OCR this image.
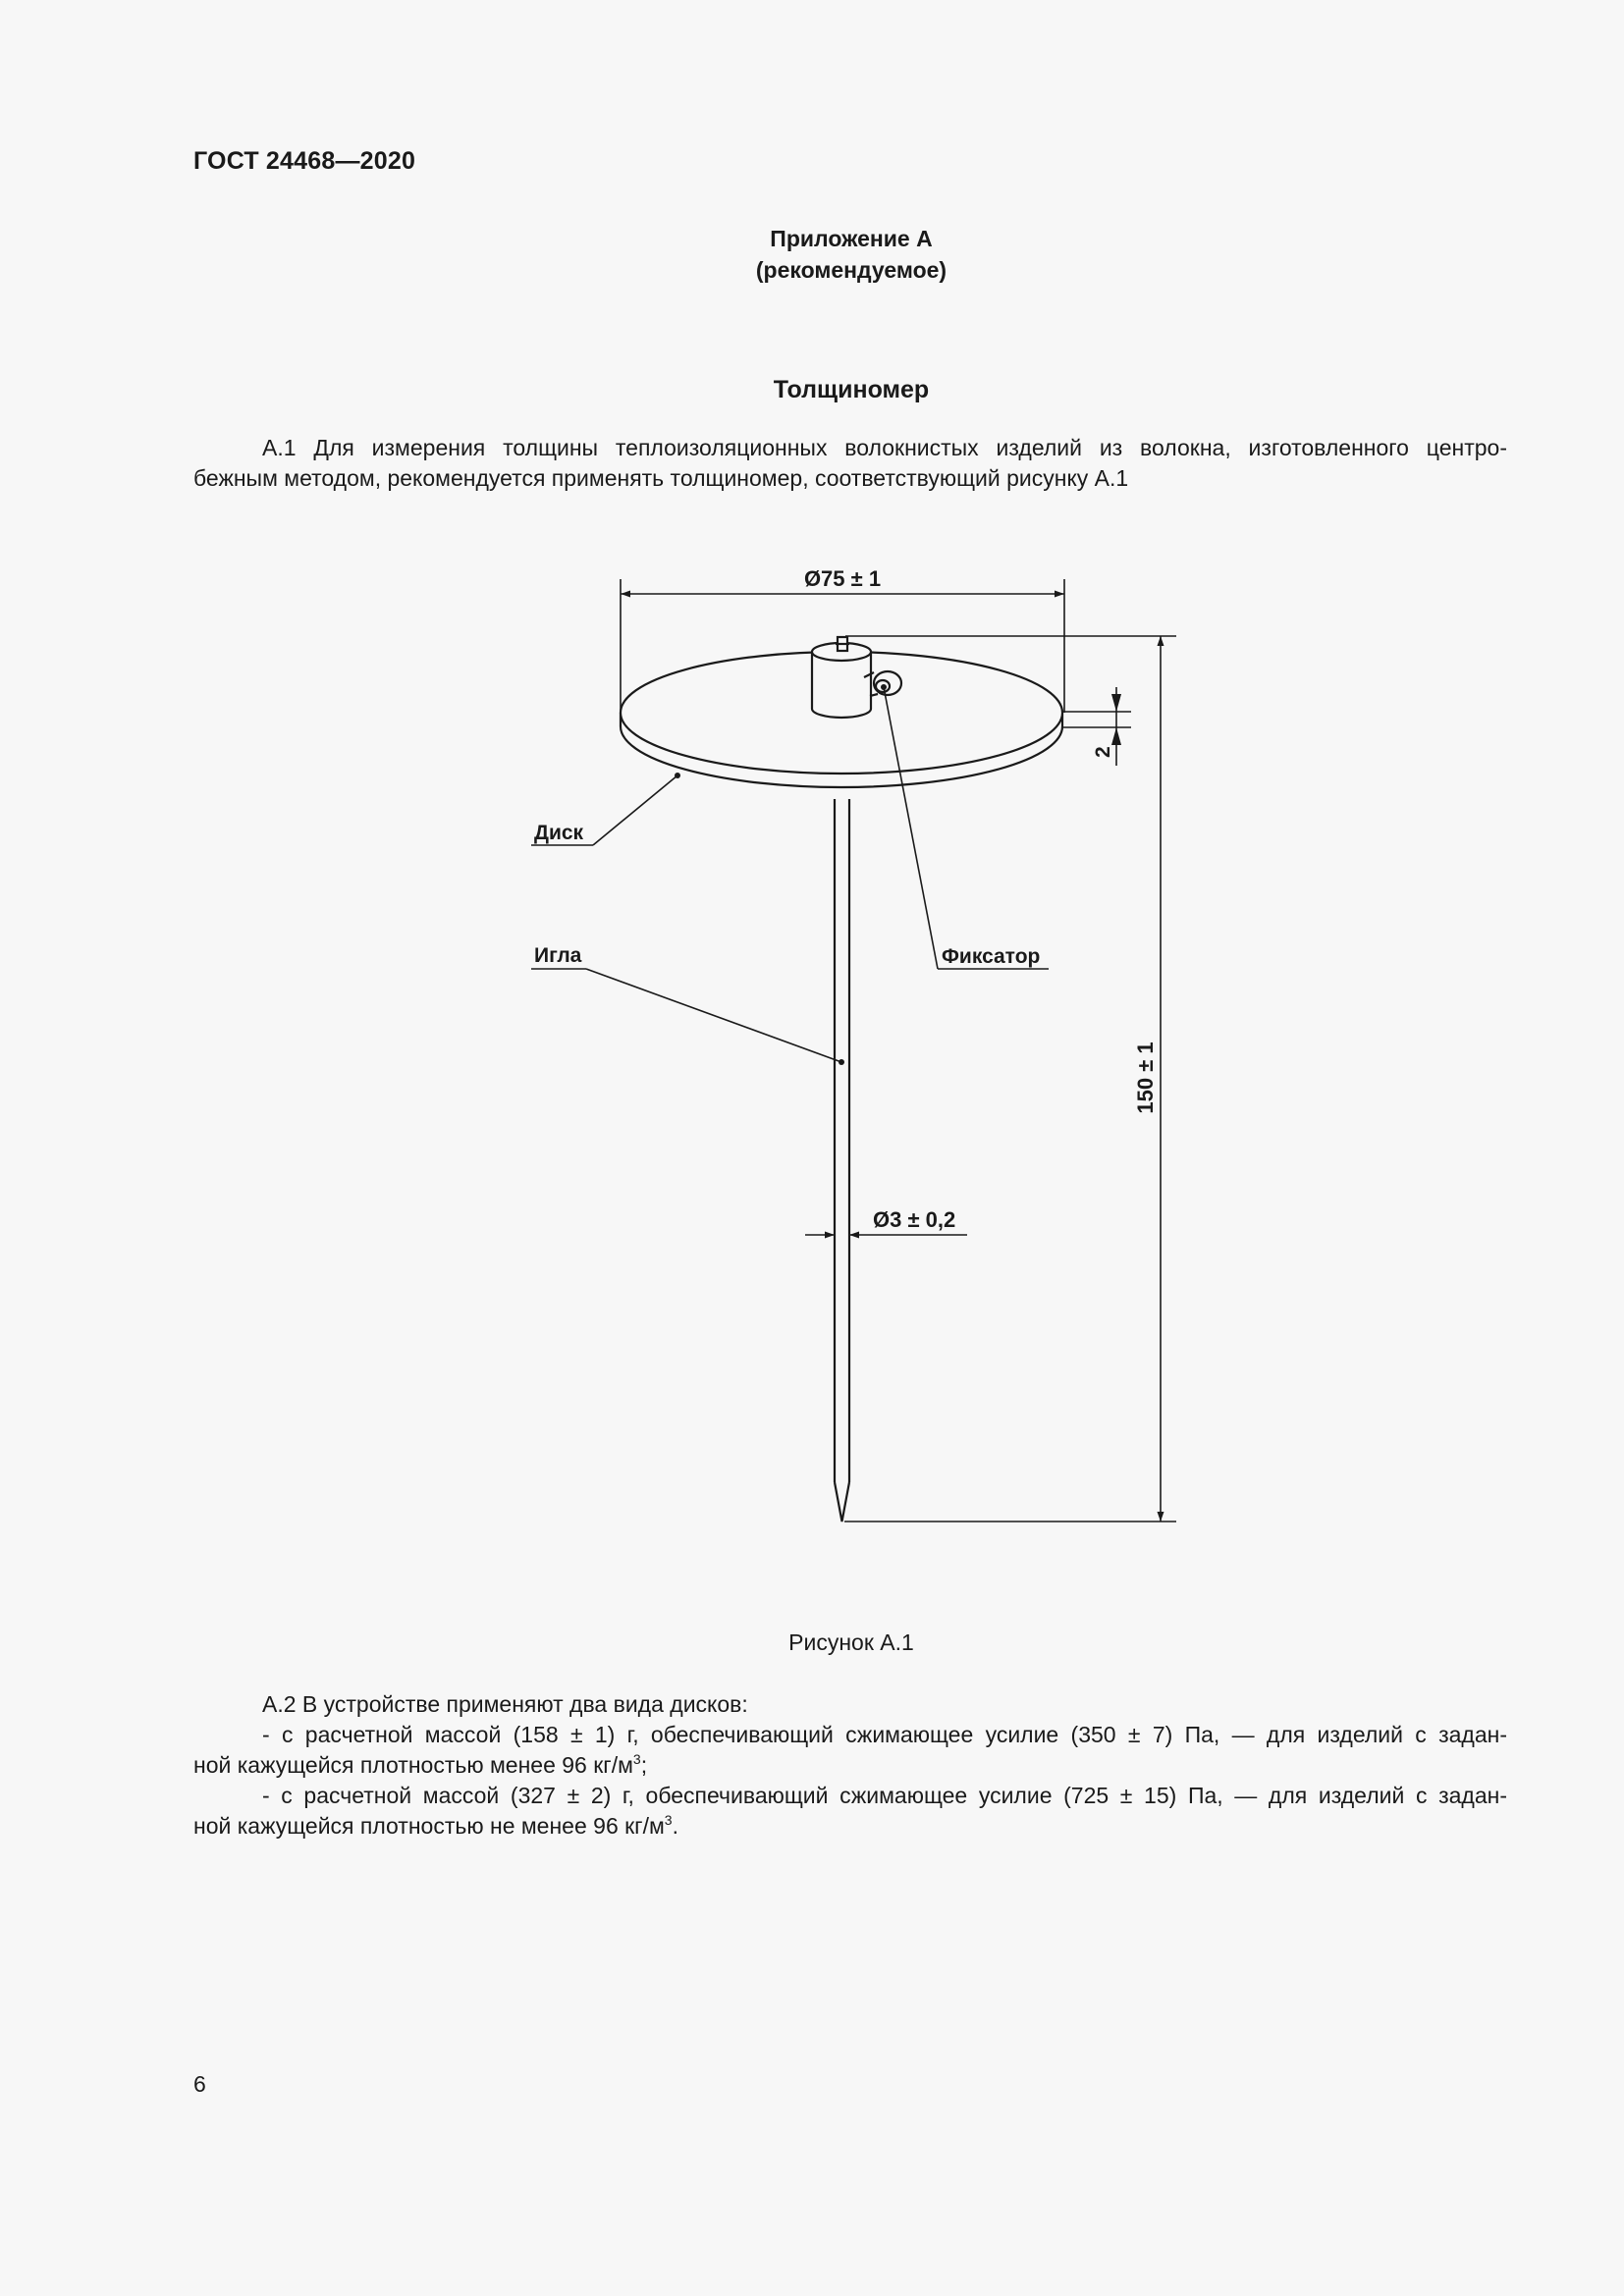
ГОСТ 24468—2020
Приложение А
(рекомендуемое)
Толщиномер
А.1 Для измерения толщины теплоизоляционных волокнистых изделий из волокна, изготовленного центро-
бежным методом, рекомендуется применять толщиномер, соответствующий рисунку А.1
Ø75 ± 1
2
150 ± 1
Ø3 ± 0,2
Диск
Игла	Фиксатор
Рисунок А.1
А.2 В устройстве применяют два вида дисков:
- с расчетной массой (158 ± 1) г, обеспечивающий сжимающее усилие (350 ± 7) Па, — для изделий с задан-
ной кажущейся плотностью менее 96 $кг/м^3$;
- с расчетной массой (327 ± 2) г, обеспечивающий сжимающее усилие (725 ± 15) Па, — для изделий с задан-
ной кажущейся плотностью не менее 96 $кг/м^3$.
6
